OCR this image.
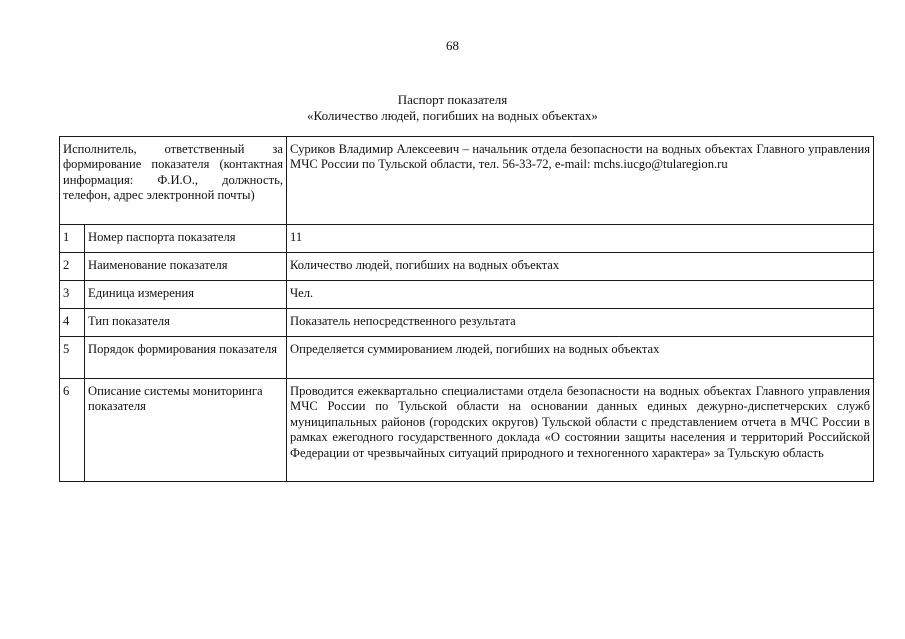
68
Паспорт показателя
«Количество людей, погибших на водных объектах»
Исполнитель, ответственный за формирование показателя (контактная информация: Ф.И.О., должность, телефон, адрес электронной почты)		Суриков Владимир Алексеевич – начальник отдела безопасности на водных объектах Главного управления МЧС России по Тульской области, тел. 56-33-72, e-mail: mchs.iucgo@tularegion.ru
1	Номер паспорта показателя	11
2	Наименование показателя	Количество людей, погибших на водных объектах
3	Единица измерения	Чел.
4	Тип показателя	Показатель непосредственного результата
5	Порядок формирования показателя	Определяется суммированием людей, погибших на водных объектах
6	Описание системы мониторинга показателя	Проводится ежеквартально специалистами отдела безопасности на водных объектах Главного управления МЧС России по Тульской области на основании данных единых дежурно-диспетчерских служб муниципальных районов (городских округов) Тульской области с представлением отчета в МЧС России в рамках ежегодного государственного доклада «О состоянии защиты населения и территорий Российской Федерации от чрезвычайных ситуаций природного и техногенного характера» за Тульскую область
